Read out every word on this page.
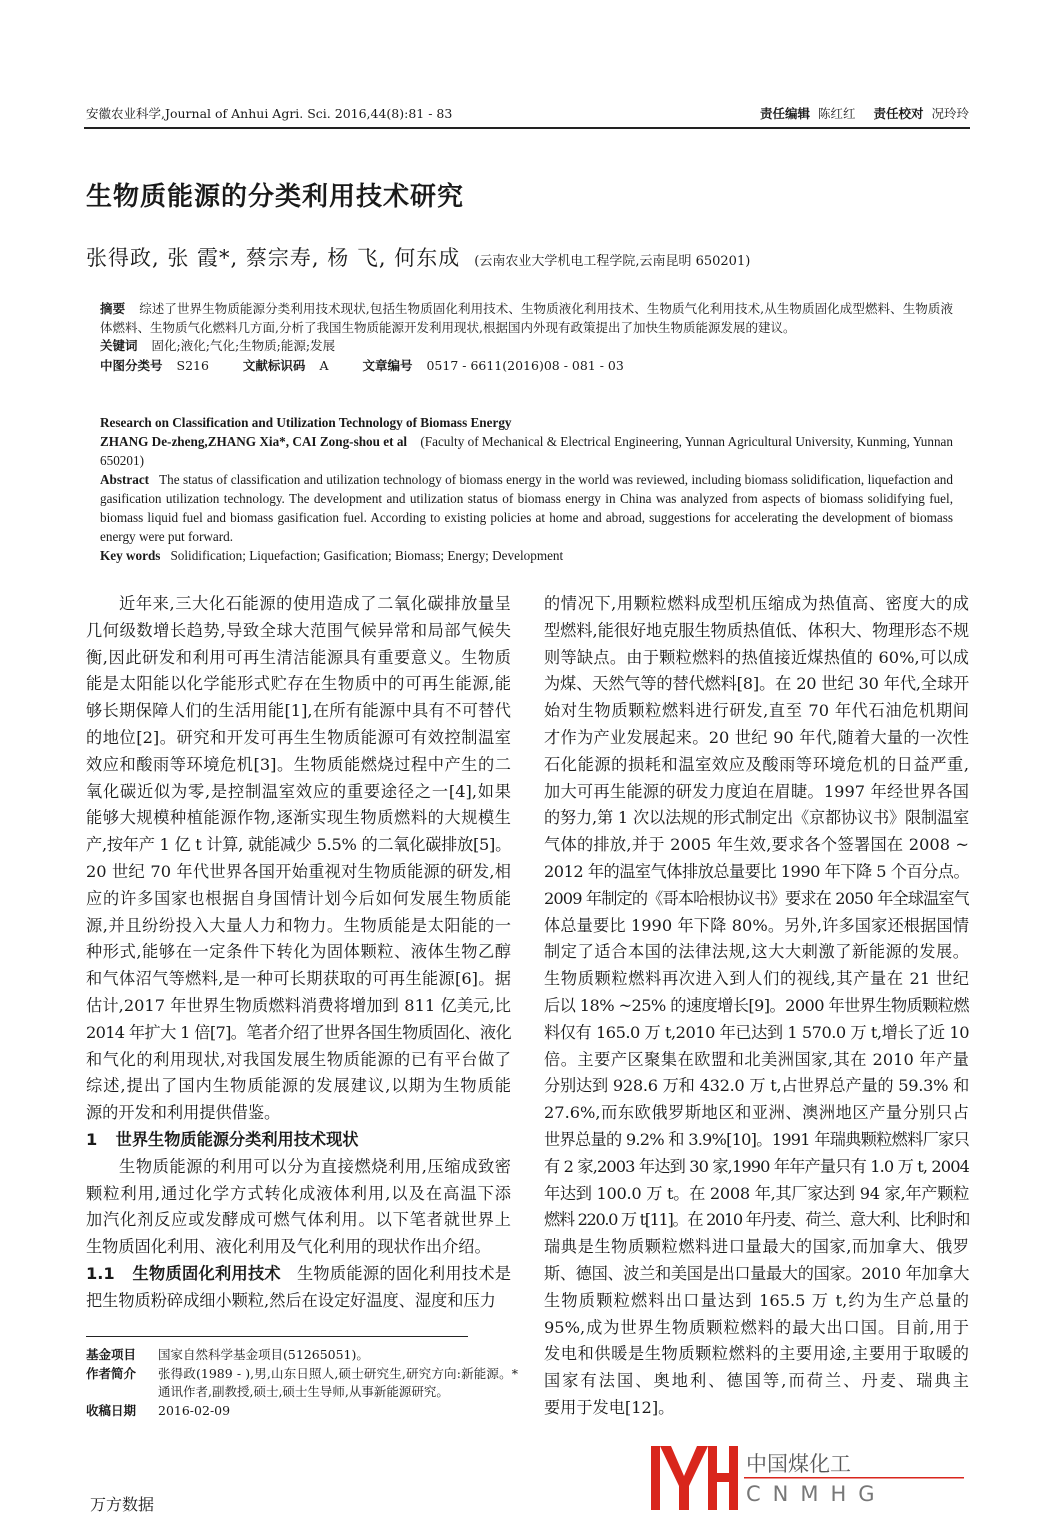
安徽农业科学,Journal of Anhui Agri. Sci. 2016,44(8):81 - 83	责任编辑 陈红红 责任校对 况玲玲
生物质能源的分类利用技术研究
张得政, 张 霞*, 蔡宗寿, 杨 飞, 何东成 (云南农业大学机电工程学院,云南昆明 650201)
摘要 综述了世界生物质能源分类利用技术现状,包括生物质固化利用技术、生物质液化利用技术、生物质气化利用技术,从生物质固化成型燃料、生物质液体燃料、生物质气化燃料几方面,分析了我国生物质能源开发利用现状,根据国内外现有政策提出了加快生物质能源发展的建议。
关键词 固化;液化;气化;生物质;能源;发展
中图分类号 S216	文献标识码 A	文章编号 0517 - 6611(2016)08 - 081 - 03
Research on Classification and Utilization Technology of Biomass Energy
ZHANG De-zheng,ZHANG Xia*, CAI Zong-shou et al (Faculty of Mechanical & Electrical Engineering, Yunnan Agricultural University, Kunming, Yunnan 650201)
Abstract The status of classification and utilization technology of biomass energy in the world was reviewed, including biomass solidification, liquefaction and gasification utilization technology. The development and utilization status of biomass energy in China was analyzed from aspects of biomass solidifying fuel, biomass liquid fuel and biomass gasification fuel. According to existing policies at home and abroad, suggestions for accelerating the development of biomass energy were put forward.
Key words Solidification; Liquefaction; Gasification; Biomass; Energy; Development
近年来,三大化石能源的使用造成了二氧化碳排放量呈
几何级数增长趋势,导致全球大范围气候异常和局部气候失
衡,因此研发和利用可再生清洁能源具有重要意义。生物质
能是太阳能以化学能形式贮存在生物质中的可再生能源,能
够长期保障人们的生活用能[1],在所有能源中具有不可替代
的地位[2]。研究和开发可再生生物质能源可有效控制温室
效应和酸雨等环境危机[3]。生物质能燃烧过程中产生的二
氧化碳近似为零,是控制温室效应的重要途径之一[4],如果
能够大规模种植能源作物,逐渐实现生物质燃料的大规模生
产,按年产 1 亿 t 计算, 就能减少 5.5% 的二氧化碳排放[5]。
20 世纪 70 年代世界各国开始重视对生物质能源的研发,相
应的许多国家也根据自身国情计划今后如何发展生物质能
源,并且纷纷投入大量人力和物力。生物质能是太阳能的一
种形式,能够在一定条件下转化为固体颗粒、液体生物乙醇
和气体沼气等燃料,是一种可长期获取的可再生能源[6]。据
估计,2017 年世界生物质燃料消费将增加到 811 亿美元,比
2014 年扩大 1 倍[7]。笔者介绍了世界各国生物质固化、液化
和气化的利用现状,对我国发展生物质能源的已有平台做了
综述,提出了国内生物质能源的发展建议,以期为生物质能
源的开发和利用提供借鉴。
1 世界生物质能源分类利用技术现状
生物质能源的利用可以分为直接燃烧利用,压缩成致密
颗粒利用,通过化学方式转化成液体利用,以及在高温下添
加汽化剂反应或发酵成可燃气体利用。以下笔者就世界上
生物质固化利用、液化利用及气化利用的现状作出介绍。
1.1 生物质固化利用技术 生物质能源的固化利用技术是
把生物质粉碎成细小颗粒,然后在设定好温度、湿度和压力
的情况下,用颗粒燃料成型机压缩成为热值高、密度大的成
型燃料,能很好地克服生物质热值低、体积大、物理形态不规
则等缺点。由于颗粒燃料的热值接近煤热值的 60%,可以成
为煤、天然气等的替代燃料[8]。在 20 世纪 30 年代,全球开
始对生物质颗粒燃料进行研发,直至 70 年代石油危机期间
才作为产业发展起来。20 世纪 90 年代,随着大量的一次性
石化能源的损耗和温室效应及酸雨等环境危机的日益严重,
加大可再生能源的研发力度迫在眉睫。1997 年经世界各国
的努力,第 1 次以法规的形式制定出《京都协议书》限制温室
气体的排放,并于 2005 年生效,要求各个签署国在 2008 ~
2012 年的温室气体排放总量要比 1990 年下降 5 个百分点。
2009 年制定的《哥本哈根协议书》要求在 2050 年全球温室气
体总量要比 1990 年下降 80%。另外,许多国家还根据国情
制定了适合本国的法律法规,这大大刺激了新能源的发展。
生物质颗粒燃料再次进入到人们的视线,其产量在 21 世纪
后以 18% ~25% 的速度增长[9]。2000 年世界生物质颗粒燃
料仅有 165.0 万 t,2010 年已达到 1 570.0 万 t,增长了近 10
倍。主要产区聚集在欧盟和北美洲国家,其在 2010 年产量
分别达到 928.6 万和 432.0 万 t,占世界总产量的 59.3% 和
27.6%,而东欧俄罗斯地区和亚洲、澳洲地区产量分别只占
世界总量的 9.2% 和 3.9%[10]。1991 年瑞典颗粒燃料厂家只
有 2 家,2003 年达到 30 家,1990 年年产量只有 1.0 万 t, 2004
年达到 100.0 万 t。在 2008 年,其厂家达到 94 家,年产颗粒
燃料 220.0 万 t[11]。在 2010 年丹麦、荷兰、意大利、比利时和
瑞典是生物质颗粒燃料进口量最大的国家,而加拿大、俄罗
斯、德国、波兰和美国是出口量最大的国家。2010 年加拿大
生物质颗粒燃料出口量达到 165.5 万 t,约为生产总量的
95%,成为世界生物质颗粒燃料的最大出口国。目前,用于
发电和供暖是生物质颗粒燃料的主要用途,主要用于取暖的
国家有法国、奥地利、德国等,而荷兰、丹麦、瑞典主
要用于发电[12]。
基金项目	国家自然科学基金项目(51265051)。
作者简介	张得政(1989 - ),男,山东日照人,硕士研究生,研究方向:新能源。*通讯作者,副教授,硕士,硕士生导师,从事新能源研究。
收稿日期	2016-02-09
中国煤化工
CNMHG
万方数据
